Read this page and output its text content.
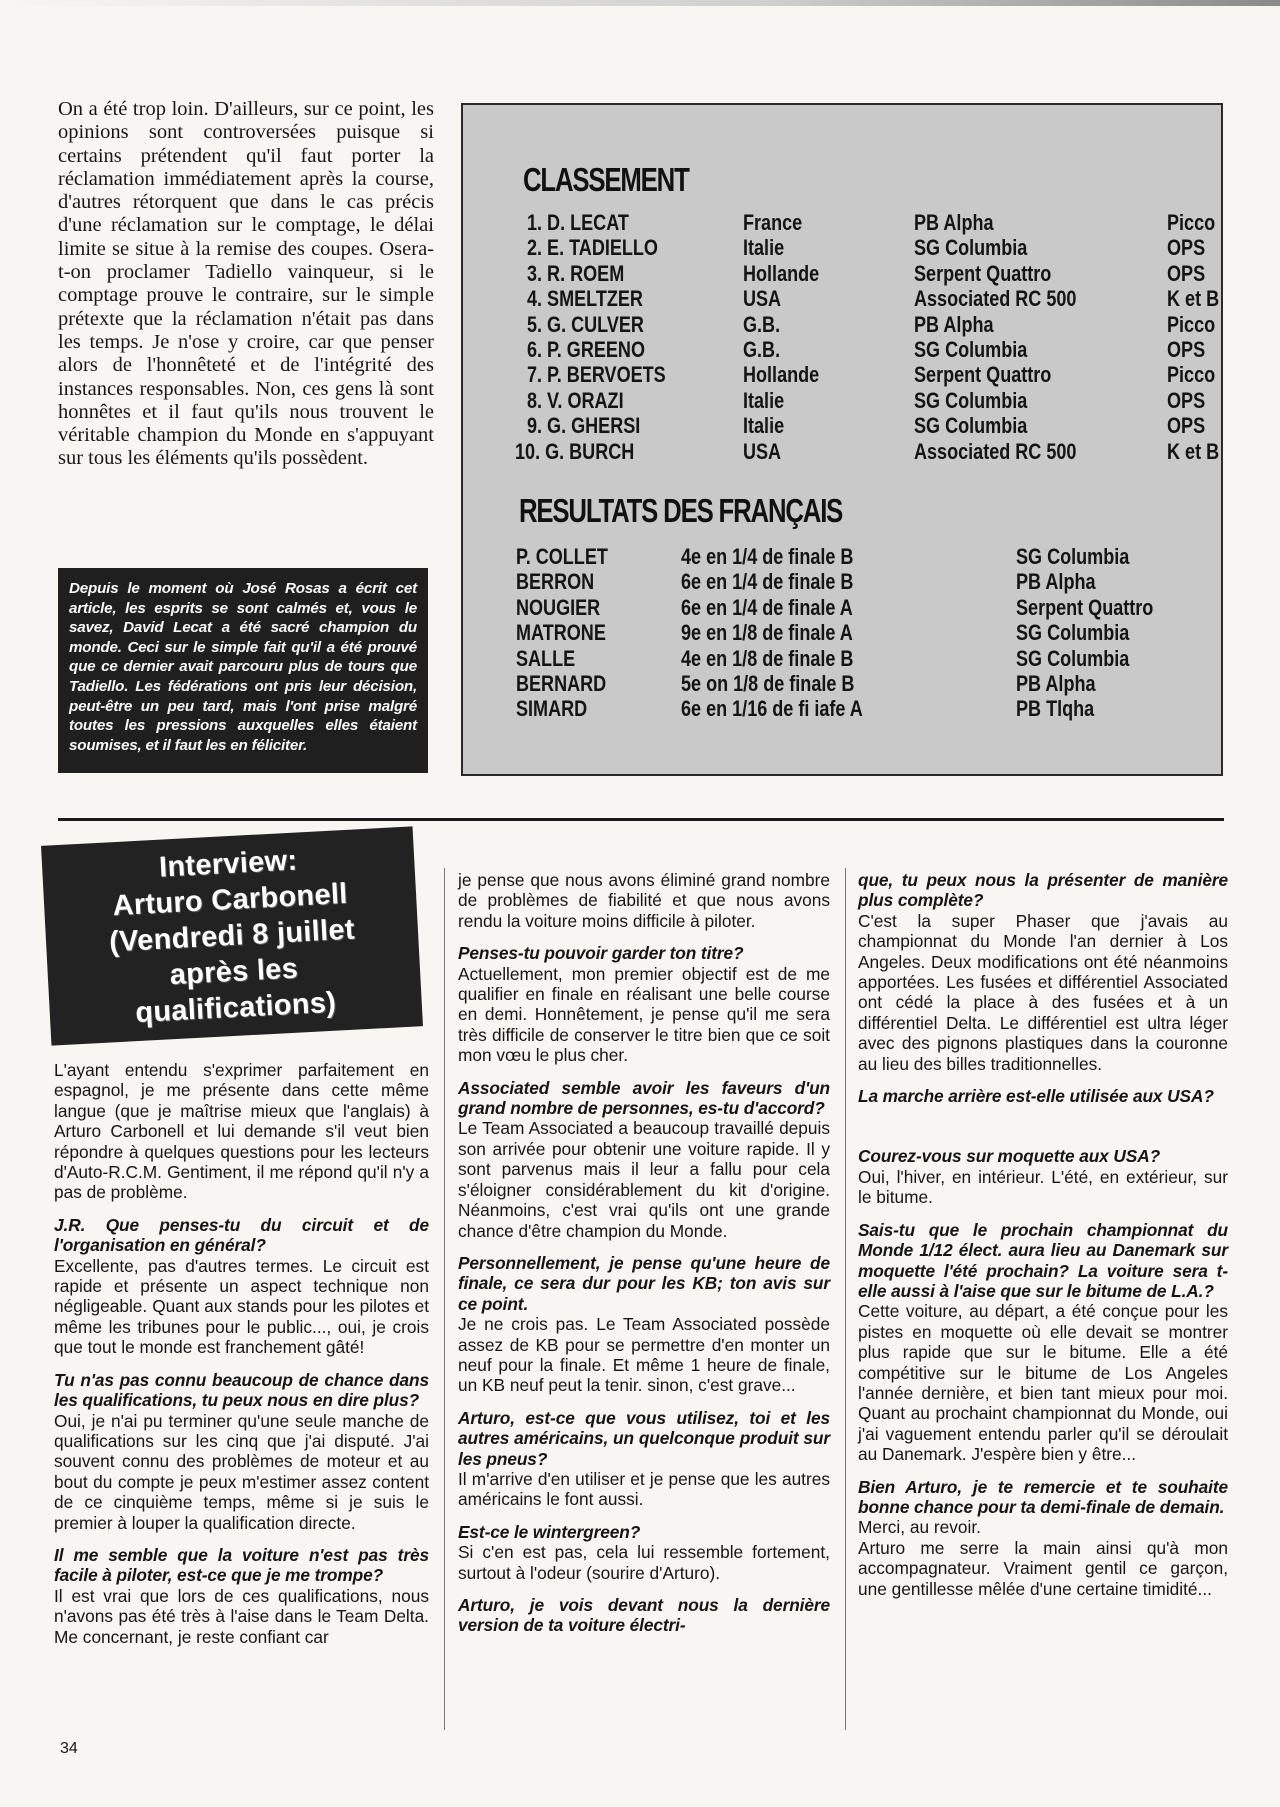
On a été trop loin. D'ailleurs, sur ce point, les opinions sont controversées puisque si certains prétendent qu'il faut porter la réclamation immédiatement après la course, d'autres rétorquent que dans le cas précis d'une réclamation sur le comptage, le délai limite se situe à la remise des coupes. Osera-t-on proclamer Tadiello vainqueur, si le comptage prouve le contraire, sur le simple prétexte que la réclamation n'était pas dans les temps. Je n'ose y croire, car que penser alors de l'honnêteté et de l'intégrité des instances responsables. Non, ces gens là sont honnêtes et il faut qu'ils nous trouvent le véritable champion du Monde en s'appuyant sur tous les éléments qu'ils possèdent.
Depuis le moment où José Rosas a écrit cet article, les esprits se sont calmés et, vous le savez, David Lecat a été sacré champion du monde. Ceci sur le simple fait qu'il a été prouvé que ce dernier avait parcouru plus de tours que Tadiello. Les fédérations ont pris leur décision, peut-être un peu tard, mais l'ont prise malgré toutes les pressions auxquelles elles étaient soumises, et il faut les en féliciter.
CLASSEMENT
1. D. LECAT	France	PB Alpha	Picco
2. E. TADIELLO	Italie	SG Columbia	OPS
3. R. ROEM	Hollande	Serpent Quattro	OPS
4. SMELTZER	USA	Associated RC 500	K et B
5. G. CULVER	G.B.	PB Alpha	Picco
6. P. GREENO	G.B.	SG Columbia	OPS
7. P. BERVOETS	Hollande	Serpent Quattro	Picco
8. V. ORAZI	Italie	SG Columbia	OPS
9. G. GHERSI	Italie	SG Columbia	OPS
10. G. BURCH	USA	Associated RC 500	K et B
RESULTATS DES FRANÇAIS
P. COLLET	4e en 1/4 de finale B	SG Columbia
BERRON	6e en 1/4 de finale B	PB Alpha
NOUGIER	6e en 1/4 de finale A	Serpent Quattro
MATRONE	9e en 1/8 de finale A	SG Columbia
SALLE	4e en 1/8 de finale B	SG Columbia
BERNARD	5e on 1/8 de finale B	PB Alpha
SIMARD	6e en 1/16 de fi iafe A	PB Tlqha
Interview:
Arturo Carbonell
(Vendredi 8 juillet
après les
qualifications)

L'ayant entendu s'exprimer parfaitement en espagnol, je me présente dans cette même langue (que je maîtrise mieux que l'anglais) à Arturo Carbonell et lui demande s'il veut bien répondre à quelques questions pour les lecteurs d'Auto-R.C.M. Gentiment, il me répond qu'il n'y a pas de problème.

J.R. Que penses-tu du circuit et de l'organisation en général?

Excellente, pas d'autres termes. Le circuit est rapide et présente un aspect technique non négligeable. Quant aux stands pour les pilotes et même les tribunes pour le public..., oui, je crois que tout le monde est franchement gâté!

Tu n'as pas connu beaucoup de chance dans les qualifications, tu peux nous en dire plus?

Oui, je n'ai pu terminer qu'une seule manche de qualifications sur les cinq que j'ai disputé. J'ai souvent connu des problèmes de moteur et au bout du compte je peux m'estimer assez content de ce cinquième temps, même si je suis le premier à louper la qualification directe.

Il me semble que la voiture n'est pas très facile à piloter, est-ce que je me trompe?

Il est vrai que lors de ces qualifications, nous n'avons pas été très à l'aise dans le Team Delta. Me concernant, je reste confiant car

je pense que nous avons éliminé grand nombre de problèmes de fiabilité et que nous avons rendu la voiture moins difficile à piloter.

Penses-tu pouvoir garder ton titre?

Actuellement, mon premier objectif est de me qualifier en finale en réalisant une belle course en demi. Honnêtement, je pense qu'il me sera très difficile de conserver le titre bien que ce soit mon vœu le plus cher.

Associated semble avoir les faveurs d'un grand nombre de personnes, es-tu d'accord?

Le Team Associated a beaucoup travaillé depuis son arrivée pour obtenir une voiture rapide. Il y sont parvenus mais il leur a fallu pour cela s'éloigner considérablement du kit d'origine. Néanmoins, c'est vrai qu'ils ont une grande chance d'être champion du Monde.

Personnellement, je pense qu'une heure de finale, ce sera dur pour les KB; ton avis sur ce point.

Je ne crois pas. Le Team Associated possède assez de KB pour se permettre d'en monter un neuf pour la finale. Et même 1 heure de finale, un KB neuf peut la tenir. sinon, c'est grave...

Arturo, est-ce que vous utilisez, toi et les autres américains, un quelconque produit sur les pneus?

Il m'arrive d'en utiliser et je pense que les autres américains le font aussi.

Est-ce le wintergreen?

Si c'en est pas, cela lui ressemble fortement, surtout à l'odeur (sourire d'Arturo).

Arturo, je vois devant nous la dernière version de ta voiture électri-

que, tu peux nous la présenter de manière plus complète?

C'est la super Phaser que j'avais au championnat du Monde l'an dernier à Los Angeles. Deux modifications ont été néanmoins apportées. Les fusées et différentiel Associated ont cédé la place à des fusées et à un différentiel Delta. Le différentiel est ultra léger avec des pignons plastiques dans la couronne au lieu des billes traditionnelles.

La marche arrière est-elle utilisée aux USA?

Courez-vous sur moquette aux USA?

Oui, l'hiver, en intérieur. L'été, en extérieur, sur le bitume.

Sais-tu que le prochain championnat du Monde 1/12 élect. aura lieu au Danemark sur moquette l'été prochain? La voiture sera t-elle aussi à l'aise que sur le bitume de L.A.?

Cette voiture, au départ, a été conçue pour les pistes en moquette où elle devait se montrer plus rapide que sur le bitume. Elle a été compétitive sur le bitume de Los Angeles l'année dernière, et bien tant mieux pour moi. Quant au prochaint championnat du Monde, oui j'ai vaguement entendu parler qu'il se déroulait au Danemark. J'espère bien y être...

Bien Arturo, je te remercie et te souhaite bonne chance pour ta demi-finale de demain.

Merci, au revoir.

Arturo me serre la main ainsi qu'à mon accompagnateur. Vraiment gentil ce garçon, une gentillesse mêlée d'une certaine timidité...

34
